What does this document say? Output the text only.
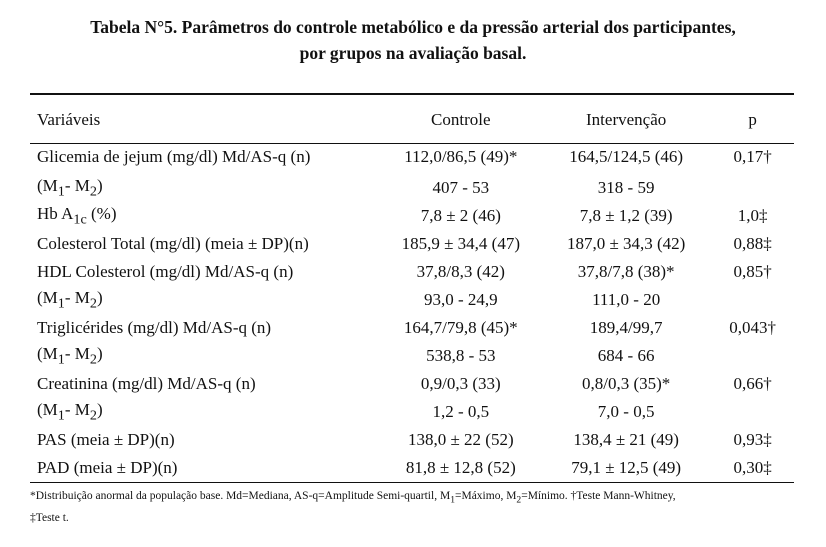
Tabela N°5. Parâmetros do controle metabólico e da pressão arterial dos participantes,
por grupos na avaliação basal.
Variáveis	Controle	Intervenção	p
Glicemia de jejum (mg/dl) Md/AS-q (n)	112,0/86,5 (49)*	164,5/124,5 (46)	0,17†
($M_1-$ $M_2$)	407 - 53	318 - 59	
Hb $A_{1c}$ (%)	7,8 ± 2 (46)	7,8 ± 1,2 (39)	1,0‡
Colesterol Total (mg/dl) (meia ± DP)(n)	185,9 ± 34,4 (47)	187,0 ± 34,3 (42)	0,88‡
HDL Colesterol (mg/dl) Md/AS-q (n)	37,8/8,3 (42)	37,8/7,8 (38)*	0,85†
($M_1-$ $M_2$)	93,0 - 24,9	111,0 - 20	
Triglicérides (mg/dl) Md/AS-q (n)	164,7/79,8 (45)*	189,4/99,7	0,043†
($M_1-$ $M_2$)	538,8 - 53	684 - 66	
Creatinina (mg/dl) Md/AS-q (n)	0,9/0,3 (33)	0,8/0,3 (35)*	0,66†
($M_1-$ $M_2$)	1,2 - 0,5	7,0 - 0,5	
PAS (meia ± DP)(n)	138,0 ± 22 (52)	138,4 ± 21 (49)	0,93‡
PAD (meia ± DP)(n)	81,8 ± 12,8 (52)	79,1 ± 12,5 (49)	0,30‡
*Distribuição anormal da população base. Md=Mediana, AS-q=Amplitude Semi-quartil, $M_1=Máximo$, $M_2=Mínimo$. †Teste Mann-Whitney,
‡Teste t.
